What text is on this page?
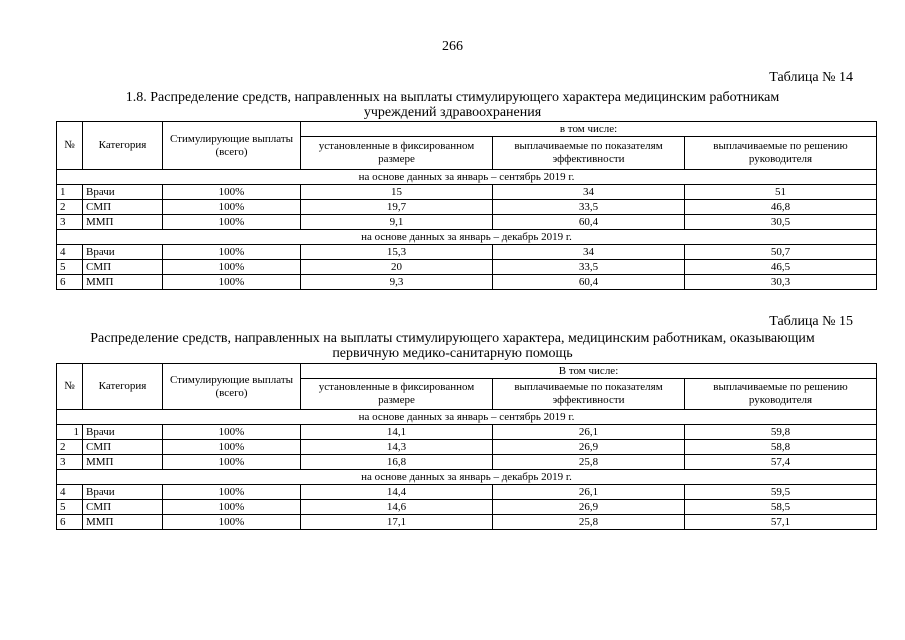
266
Таблица № 14
1.8. Распределение средств, направленных на выплаты стимулирующего характера медицинским работникам
учреждений здравоохранения
№	Категория	Стимулирующие выплаты (всего)	в том числе:		
			установленные в фиксированном размере	выплачиваемые по показателям эффективности	выплачиваемые по решению руководителя
на основе данных за январь – сентябрь 2019 г.					
1	Врачи	100%	15	34	51
2	СМП	100%	19,7	33,5	46,8
3	ММП	100%	9,1	60,4	30,5
на основе данных за январь – декабрь 2019 г.					
4	Врачи	100%	15,3	34	50,7
5	СМП	100%	20	33,5	46,5
6	ММП	100%	9,3	60,4	30,3
Таблица № 15
Распределение средств, направленных на выплаты стимулирующего характера, медицинским работникам, оказывающим
первичную медико-санитарную помощь
№	Категория	Стимулирующие выплаты (всего)	В том числе:		
			установленные в фиксированном размере	выплачиваемые по показателям эффективности	выплачиваемые по решению руководителя
на основе данных за январь – сентябрь 2019 г.					
1	Врачи	100%	14,1	26,1	59,8
2	СМП	100%	14,3	26,9	58,8
3	ММП	100%	16,8	25,8	57,4
на основе данных за январь – декабрь 2019 г.					
4	Врачи	100%	14,4	26,1	59,5
5	СМП	100%	14,6	26,9	58,5
6	ММП	100%	17,1	25,8	57,1
